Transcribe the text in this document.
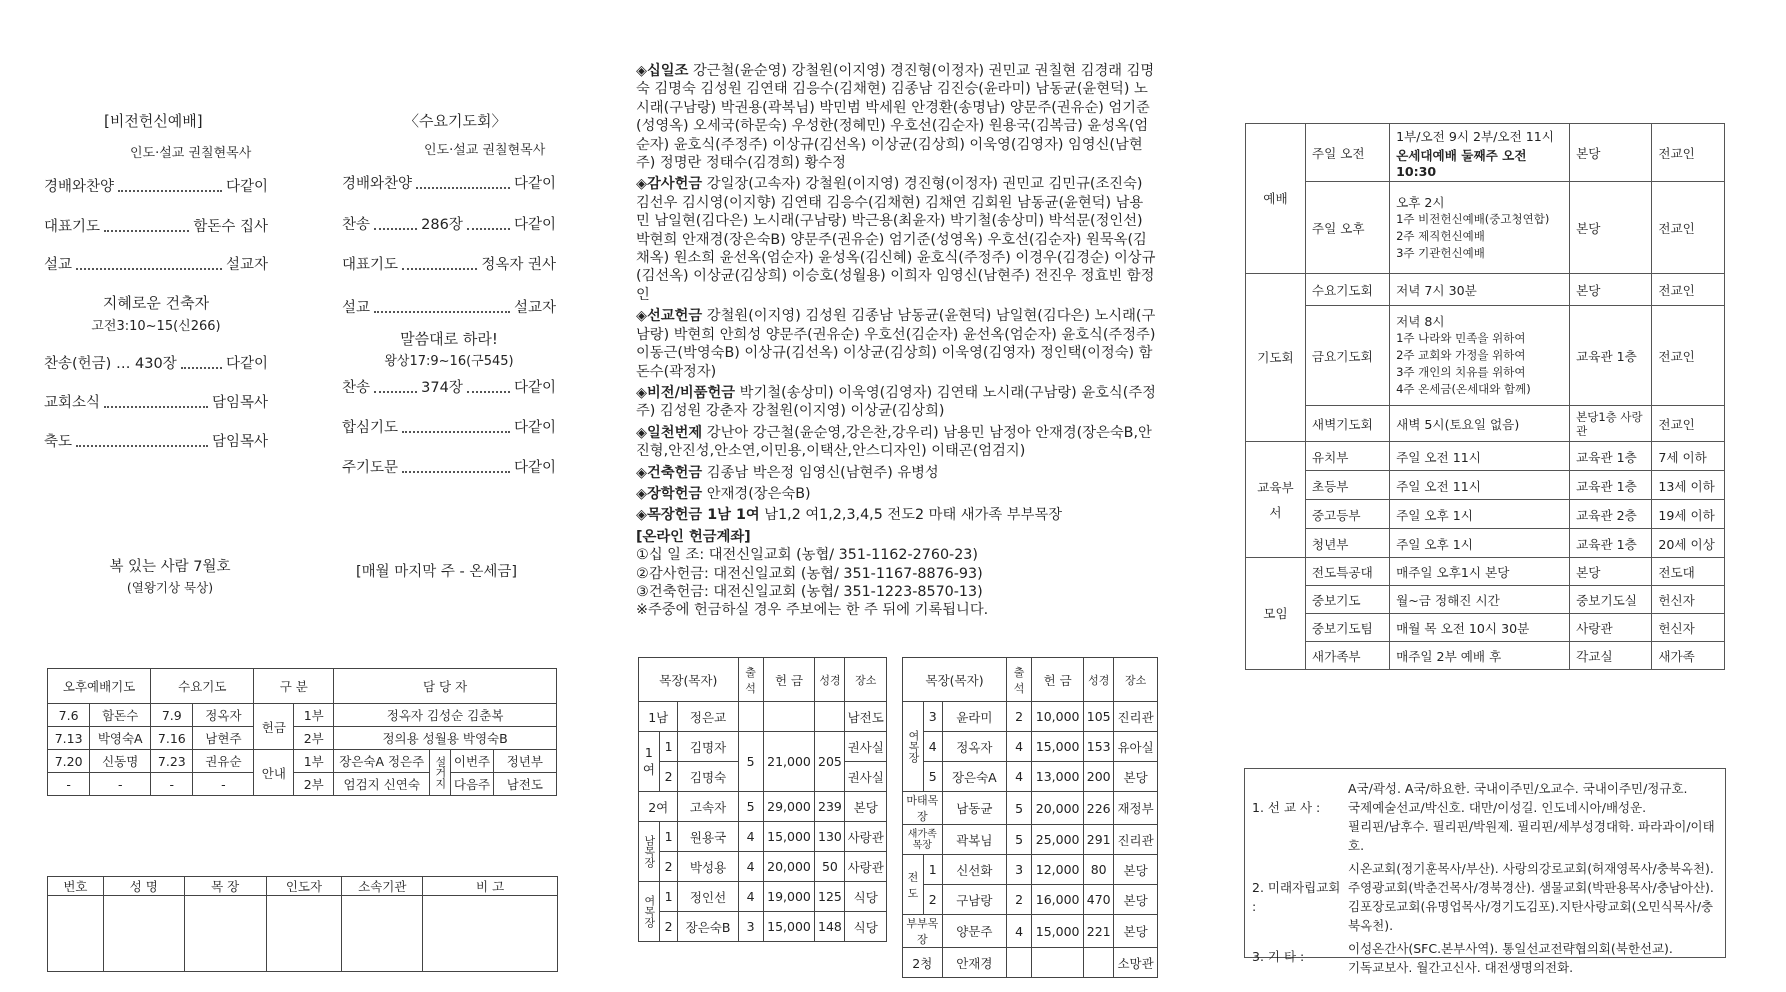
[비전헌신예배]
인도·설교 권칠현목사
경배와찬양	다같이
대표기도	함돈수 집사
설교	설교자
지혜로운 건축자
고전3:10~15(신266)
찬송(헌금) … 430장	다같이
교회소식	담임목사
축도	담임목사
〈수요기도회〉
인도·설교 권칠현목사
경배와찬양	다같이
찬송	286장	다같이
대표기도	정옥자 권사
설교	설교자
말씀대로 하라!
왕상17:9~16(구545)
찬송	374장	다같이
합심기도	다같이
주기도문	다같이
복 있는 사람 7월호
(열왕기상 묵상)
[매월 마지막 주 - 온세금]
오후예배기도		수요기도		구 분		담 당 자			
7.6	함돈수	7.9	정옥자	헌금	1부	정옥자 김성순 김춘복			
7.13	박영숙A	7.16	남현주		2부	정의용 성월용 박영숙B			
7.20	신동명	7.23	권유순	안내	1부	장은숙A 정은주	설거지	이번주	정년부
-	-	-	-		2부	엄검지 신연숙		다음주	남전도
번호	성 명	목 장	인도자	소속기관	비 고

◈십일조 강근철(윤순영) 강철원(이지영) 경진형(이정자) 권민교 권칠현 김경래 김명숙 김명숙 김성원 김연태 김응수(김채현) 김종남 김진승(윤라미) 남동균(윤현덕) 노시래(구남랑) 박권용(곽복님) 박민범 박세원 안경환(송명남) 양문주(권유순) 엄기준(성영옥) 오세국(하문숙) 우성한(정혜민) 우호선(김순자) 원용국(김복금) 윤성옥(엄순자) 윤호식(주정주) 이상규(김선옥) 이상균(김상희) 이욱영(김영자) 임영신(남현주) 정명란 정태수(김경희) 황수정
◈감사헌금 강일장(고속자) 강철원(이지영) 경진형(이정자) 권민교 김민규(조진숙) 김선우 김시영(이지향) 김연태 김응수(김채현) 김채연 김회원 남동균(윤현덕) 남용민 남일현(김다은) 노시래(구남랑) 박근용(최윤자) 박기철(송상미) 박석문(정인선) 박현희 안재경(장은숙B) 양문주(권유순) 엄기준(성영옥) 우호선(김순자) 원묵옥(김채옥) 원소희 윤선옥(엄순자) 윤성옥(김신혜) 윤호식(주정주) 이경우(김경순) 이상규(김선옥) 이상균(김상희) 이승호(성월용) 이희자 임영신(남현주) 전진우 정효빈 함정인
◈선교헌금 강철원(이지영) 김성원 김종남 남동균(윤현덕) 남일현(김다은) 노시래(구남랑) 박현희 안희성 양문주(권유순) 우호선(김순자) 윤선옥(엄순자) 윤호식(주정주) 이동근(박영숙B) 이상규(김선옥) 이상균(김상희) 이욱영(김영자) 정인택(이정숙) 함돈수(곽정자)
◈비전/비품헌금 박기철(송상미) 이욱영(김영자) 김연태 노시래(구남랑) 윤호식(주정주) 김성원 강춘자 강철원(이지영) 이상균(김상희)
◈일천번제 강난아 강근철(윤순영,강은찬,강우리) 남용민 남정아 안재경(장은숙B,안진형,안진성,안소연,이민용,이택산,안스디자인) 이태곤(엄검지)
◈건축헌금 김종남 박은정 임영신(남현주) 유병성
◈장학헌금 안재경(장은숙B)
◈목장헌금 1남 1여 남1,2 여1,2,3,4,5 전도2 마태 새가족 부부목장
[온라인 헌금계좌]
①십 일 조: 대전신일교회 (농협/ 351-1162-2760-23)
②감사헌금: 대전신일교회 (농협/ 351-1167-8876-93)
③건축헌금: 대전신일교회 (농협/ 351-1223-8570-13)
※주중에 헌금하실 경우 주보에는 한 주 뒤에 기록됩니다.
목장(목자)			출석	헌 금	성경	장소
1남		정은교				남전도
1여	1	김명자	5	21,000	205	권사실
	2	김명숙				권사실
2여		고속자	5	29,000	239	본당
남목장	1	원용국	4	15,000	130	사랑관
	2	박성용	4	20,000	50	사랑관
여목장	1	정인선	4	19,000	125	식당
	2	장은숙B	3	15,000	148	식당
목장(목자)			출석	헌 금	성경	장소
여목장	3	윤라미	2	10,000	105	진리관
	4	정옥자	4	15,000	153	유아실
	5	장은숙A	4	13,000	200	본당
마태목장		남동균	5	20,000	226	재정부
새가족목장		곽복님	5	25,000	291	진리관
전도	1	신선화	3	12,000	80	본당
	2	구남랑	2	16,000	470	본당
부부목장		양문주	4	15,000	221	본당
2청		안재경				소망관
예배	주일 오전	1부/오전 9시 2부/오전 11시
온세대예배 둘째주 오전10:30	본당	전교인
	주일 오후	오후 2시
1주 비전헌신예배(중고청연합)
2주 제직헌신예배
3주 기관헌신예배	본당	전교인
기도회	수요기도회	저녁 7시 30분	본당	전교인
	금요기도회	저녁 8시
1주 나라와 민족을 위하여
2주 교회와 가정을 위하여
3주 개인의 치유를 위하여
4주 온세금(온세대와 함께)	교육관 1층	전교인
	새벽기도회	새벽 5시(토요일 없음)	본당1층 사랑관	전교인
교육부서	유치부	주일 오전 11시	교육관 1층	7세 이하
	초등부	주일 오전 11시	교육관 1층	13세 이하
	중고등부	주일 오후 1시	교육관 2층	19세 이하
	청년부	주일 오후 1시	교육관 1층	20세 이상
모임	전도특공대	매주일 오후1시 본당	본당	전도대
	중보기도	월~금 정해진 시간	중보기도실	헌신자
	중보기도팀	매월 목 오전 10시 30분	사랑관	헌신자
	새가족부	매주일 2부 예배 후	각교실	새가족
1. 선 교 사 :	A국/곽성. A국/하요한. 국내이주민/오교수. 국내이주민/정규호.
국제예술선교/박신호. 대만/이성길. 인도네시아/배성운.
필리핀/남후수. 필리핀/박원제. 필리핀/세부성경대학. 파라과이/이태호.

2. 미래자립교회 :	시온교회(정기훈목사/부산). 사랑의강로교회(허재영목사/충북옥천).
주영광교회(박춘건목사/경북경산). 샘물교회(박판용목사/충남아산).
김포장로교회(유명업목사/경기도김포).지탄사랑교회(오민식목사/충북옥천).

3. 기 타 :	이성온간사(SFC.본부사역). 통일선교전략협의회(북한선교).
기독교보사. 월간고신사. 대전생명의전화.
